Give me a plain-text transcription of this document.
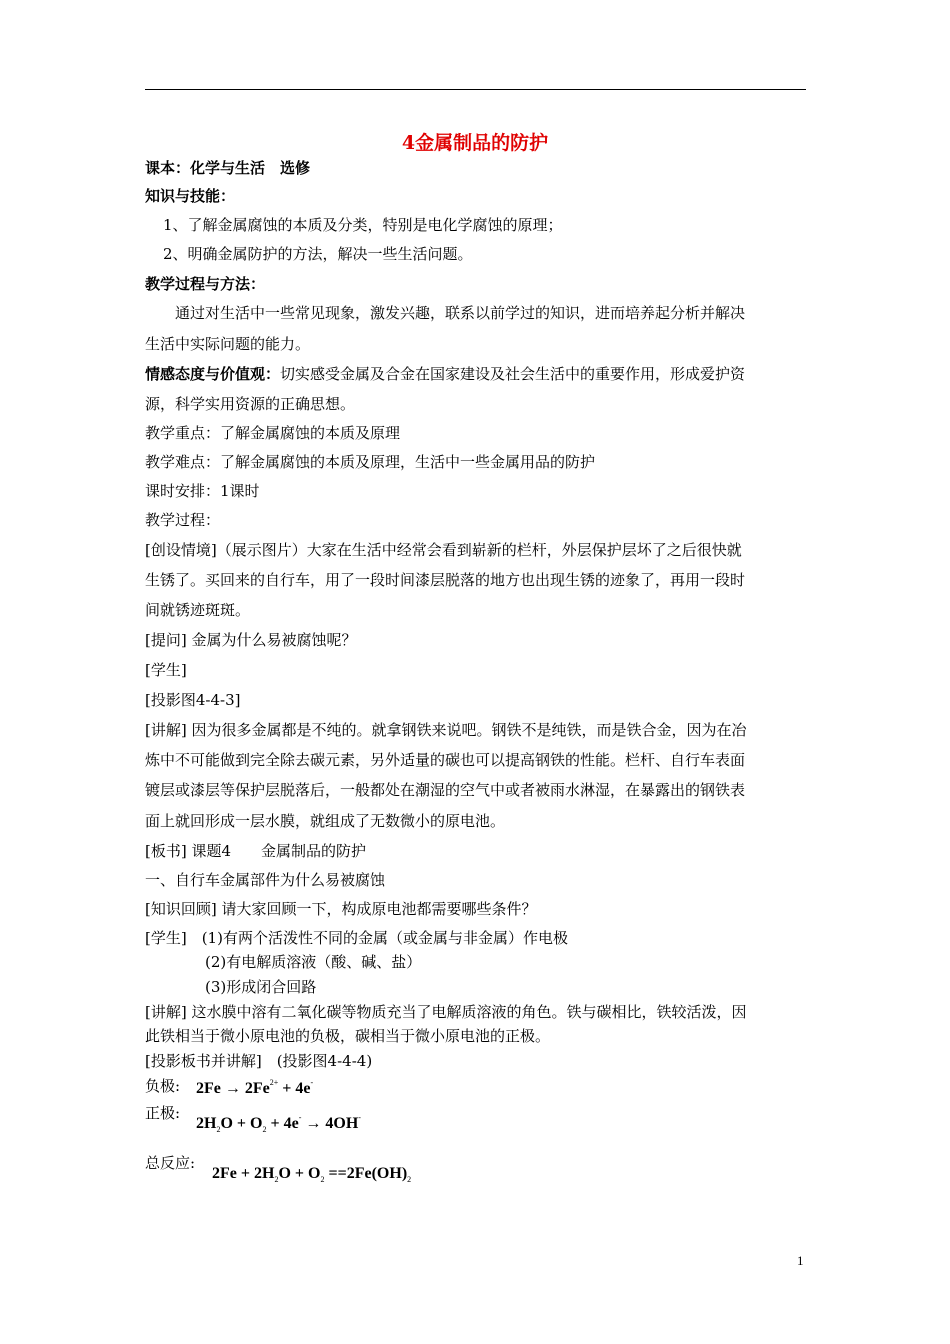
4金属制品的防护
课本：化学与生活　选修
知识与技能：
1、了解金属腐蚀的本质及分类，特别是电化学腐蚀的原理；
2、明确金属防护的方法，解决一些生活问题。
教学过程与方法：
通过对生活中一些常见现象，激发兴趣，联系以前学过的知识，进而培养起分析并解决
生活中实际问题的能力。
情感态度与价值观：切实感受金属及合金在国家建设及社会生活中的重要作用，形成爱护资
源，科学实用资源的正确思想。
教学重点：了解金属腐蚀的本质及原理
教学难点：了解金属腐蚀的本质及原理，生活中一些金属用品的防护
课时安排：1课时
教学过程：
[创设情境]（展示图片）大家在生活中经常会看到崭新的栏杆，外层保护层坏了之后很快就
生锈了。买回来的自行车，用了一段时间漆层脱落的地方也出现生锈的迹象了，再用一段时
间就锈迹斑斑。
[提问] 金属为什么易被腐蚀呢？
[学生]
[投影图4-4-3]
[讲解] 因为很多金属都是不纯的。就拿钢铁来说吧。钢铁不是纯铁，而是铁合金，因为在冶
炼中不可能做到完全除去碳元素，另外适量的碳也可以提高钢铁的性能。栏杆、自行车表面
镀层或漆层等保护层脱落后，一般都处在潮湿的空气中或者被雨水淋湿，在暴露出的钢铁表
面上就回形成一层水膜，就组成了无数微小的原电池。
[板书] 课题4　　金属制品的防护
一、自行车金属部件为什么易被腐蚀
[知识回顾] 请大家回顾一下，构成原电池都需要哪些条件？
[学生]　(1)有两个活泼性不同的金属（或金属与非金属）作电极
　　　　(2)有电解质溶液（酸、碱、盐）
　　　　(3)形成闭合回路
[讲解] 这水膜中溶有二氧化碳等物质充当了电解质溶液的角色。铁与碳相比，铁较活泼，因
此铁相当于微小原电池的负极，碳相当于微小原电池的正极。
[投影板书并讲解]　(投影图4-4-4)
负极: $2Fe \to 2Fe^{2+} + 4e^-$
正极:
$2H_2O + O_2 + 4e^- \to 4OH^-$
总反应:
$2Fe + 2H_2O + O_2 ==2Fe(OH)_2$
1
